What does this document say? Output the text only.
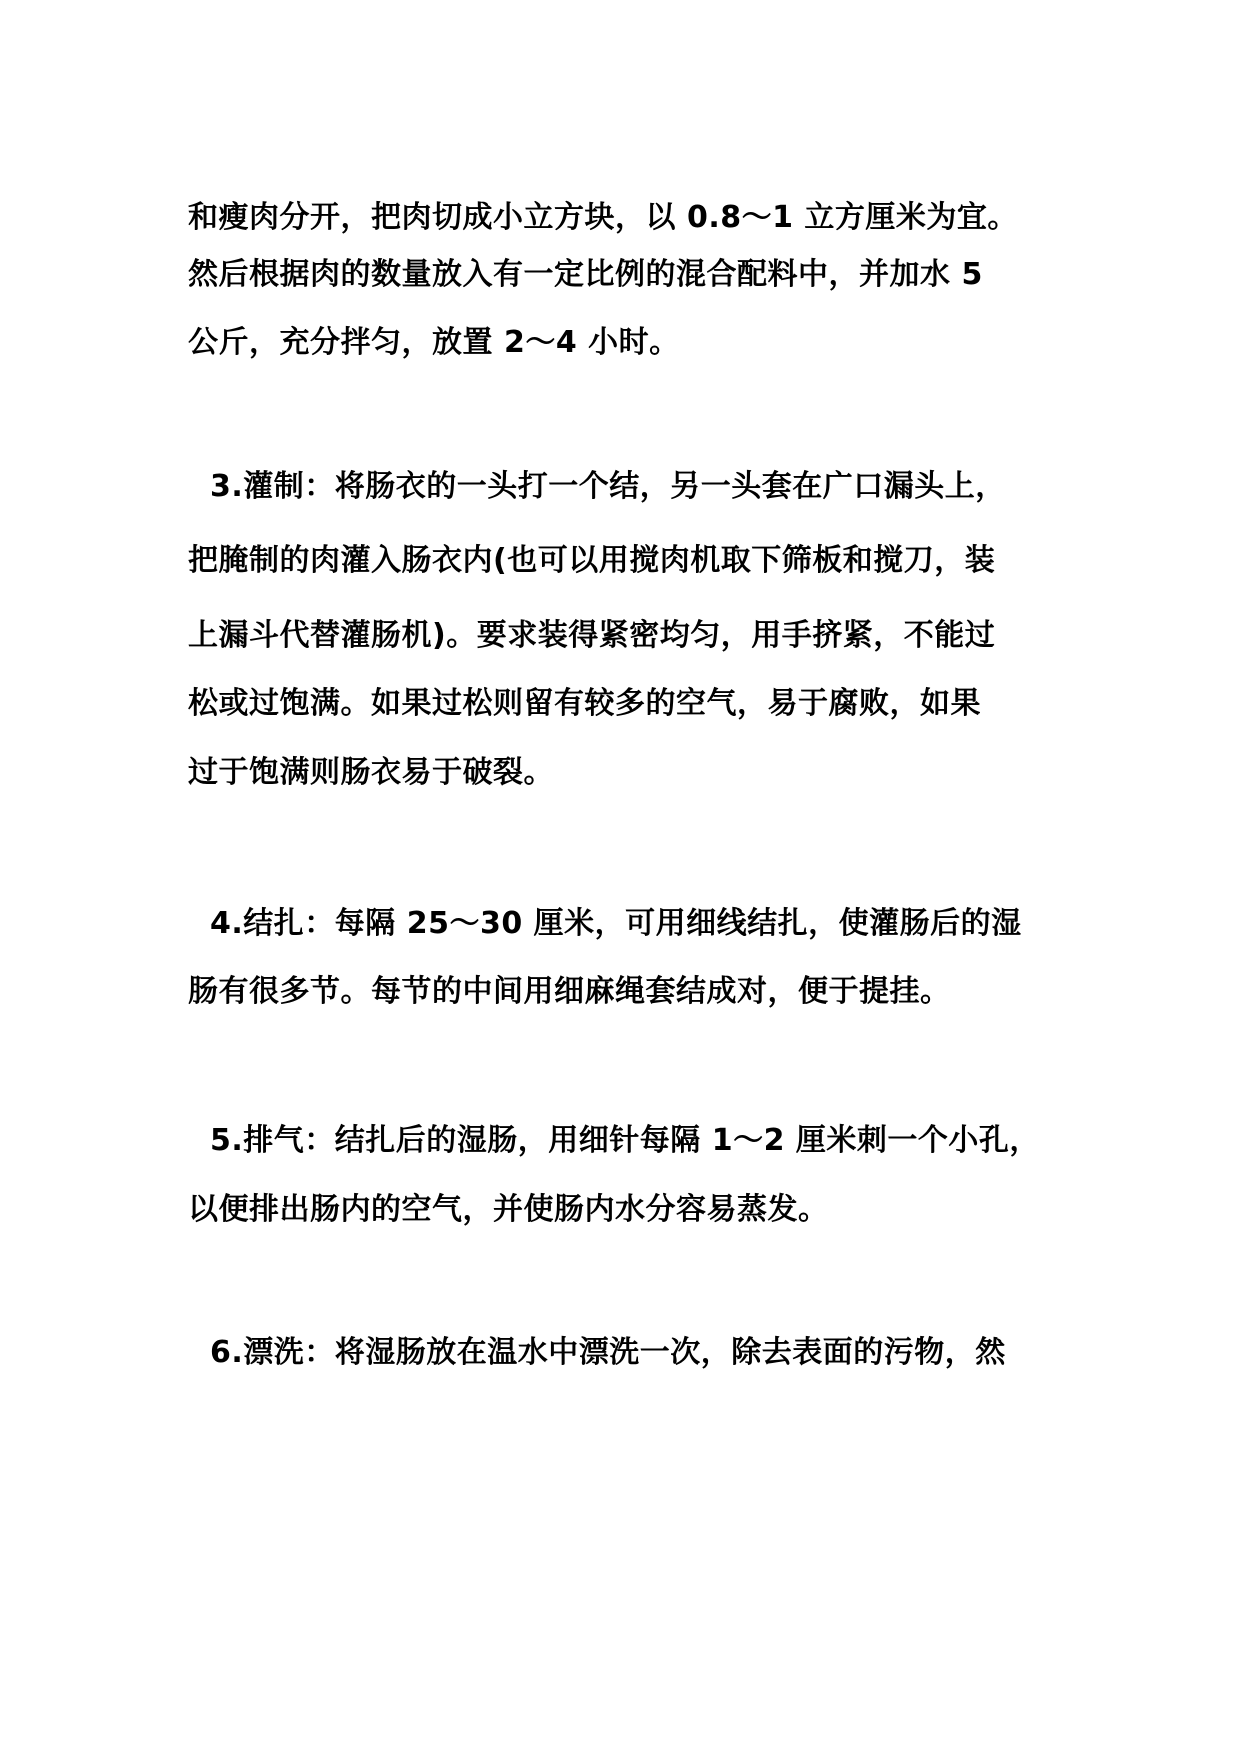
和瘦肉分开，把肉切成小立方块，以 0.8～1 立方厘米为宜。
然后根据肉的数量放入有一定比例的混合配料中，并加水 5
公斤，充分拌匀，放置 2～4 小时。
3.灌制：将肠衣的一头打一个结，另一头套在广口漏头上，
把腌制的肉灌入肠衣内(也可以用搅肉机取下筛板和搅刀，装
上漏斗代替灌肠机)。要求装得紧密均匀，用手挤紧，不能过
松或过饱满。如果过松则留有较多的空气，易于腐败，如果
过于饱满则肠衣易于破裂。
4.结扎：每隔 25～30 厘米，可用细线结扎，使灌肠后的湿
肠有很多节。每节的中间用细麻绳套结成对，便于提挂。
5.排气：结扎后的湿肠，用细针每隔 1～2 厘米刺一个小孔，
以便排出肠内的空气，并使肠内水分容易蒸发。
6.漂洗：将湿肠放在温水中漂洗一次，除去表面的污物，然
